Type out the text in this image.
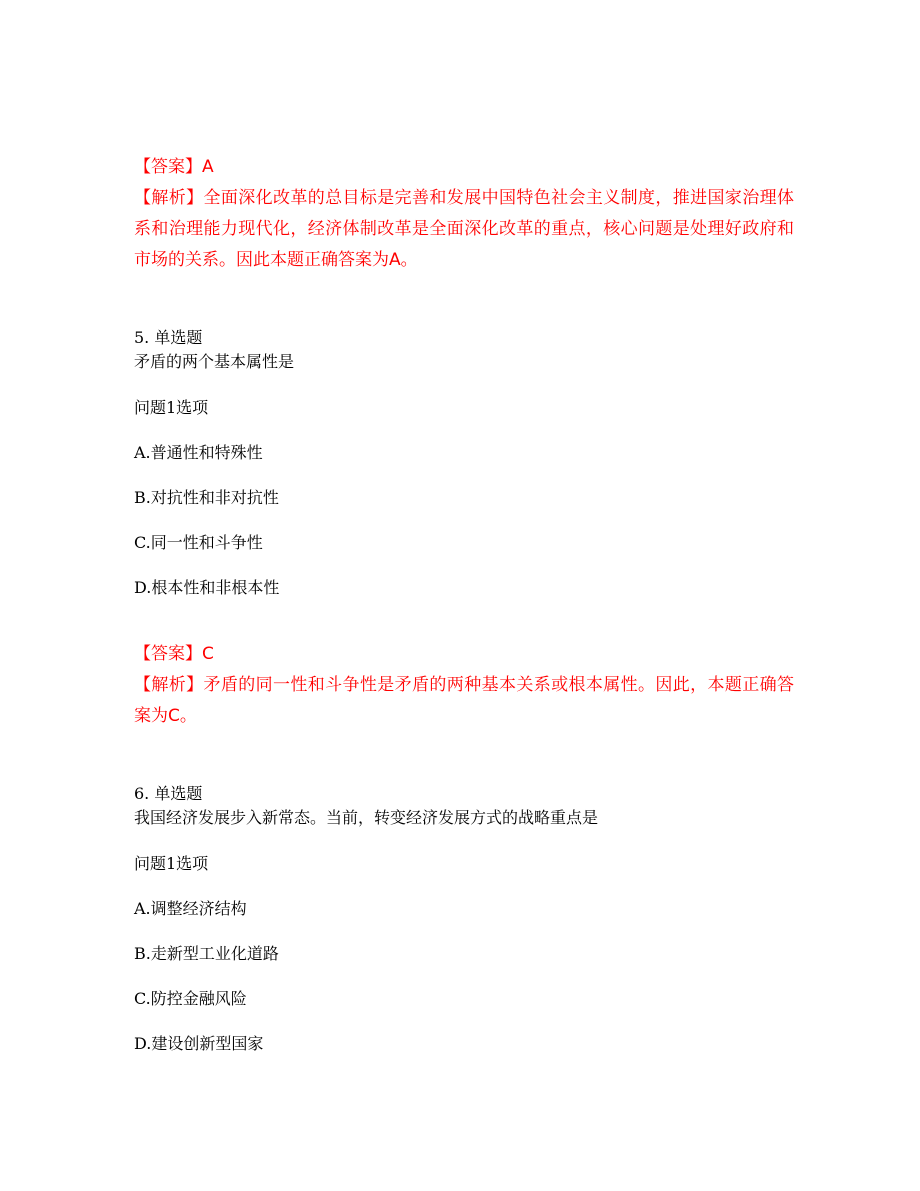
【答案】A

【解析】全面深化改革的总目标是完善和发展中国特色社会主义制度，推进国家治理体系和治理能力现代化，经济体制改革是全面深化改革的重点，核心问题是处理好政府和市场的关系。因此本题正确答案为A。

5. 单选题

矛盾的两个基本属性是

问题1选项

A.普通性和特殊性

B.对抗性和非对抗性

C.同一性和斗争性

D.根本性和非根本性

【答案】C

【解析】矛盾的同一性和斗争性是矛盾的两种基本关系或根本属性。因此，本题正确答案为C。

6. 单选题

我国经济发展步入新常态。当前，转变经济发展方式的战略重点是

问题1选项

A.调整经济结构

B.走新型工业化道路

C.防控金融风险

D.建设创新型国家
